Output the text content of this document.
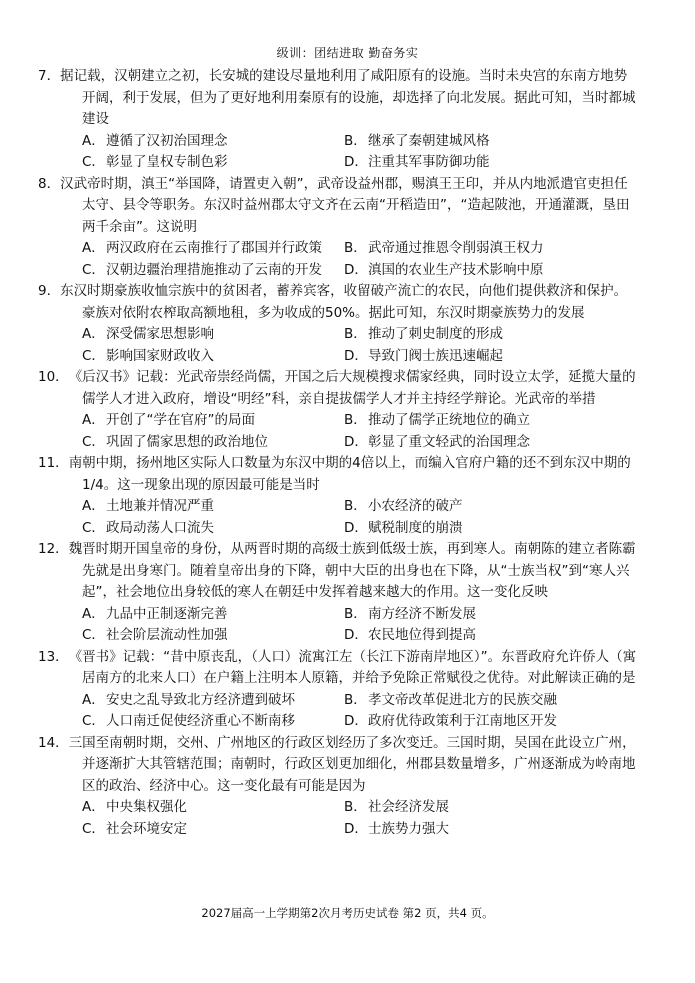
级训：团结进取 勤奋务实

7．据记载，汉朝建立之初，长安城的建设尽量地利用了咸阳原有的设施。当时未央宫的东南方地势开阔，利于发展，但为了更好地利用秦原有的设施，却选择了向北发展。据此可知，当时都城建设

A．遵循了汉初治国理念	B．继承了秦朝建城风格
C．彰显了皇权专制色彩	D．注重其军事防御功能

8．汉武帝时期，滇王“举国降，请置吏入朝”，武帝设益州郡，赐滇王王印，并从内地派遣官吏担任太守、县令等职务。东汉时益州郡太守文齐在云南“开稻造田”，“造起陂池，开通灌溉，垦田两千余亩”。这说明

A．两汉政府在云南推行了郡国并行政策	B．武帝通过推恩令削弱滇王权力
C．汉朝边疆治理措施推动了云南的开发	D．滇国的农业生产技术影响中原

9．东汉时期豪族收恤宗族中的贫困者，蓄养宾客，收留破产流亡的农民，向他们提供救济和保护。豪族对依附农榨取高额地租，多为收成的50%。据此可知，东汉时期豪族势力的发展

A．深受儒家思想影响	B．推动了刺史制度的形成
C．影响国家财政收入	D．导致门阀士族迅速崛起

10．《后汉书》记载：光武帝崇经尚儒，开国之后大规模搜求儒家经典，同时设立太学，延揽大量的儒学人才进入政府，增设“明经”科，亲自提拔儒学人才并主持经学辩论。光武帝的举措

A．开创了“学在官府”的局面	B．推动了儒学正统地位的确立
C．巩固了儒家思想的政治地位	D．彰显了重文轻武的治国理念

11．南朝中期，扬州地区实际人口数量为东汉中期的4倍以上，而编入官府户籍的还不到东汉中期的1/4。这一现象出现的原因最可能是当时

A．土地兼并情况严重	B．小农经济的破产
C．政局动荡人口流失	D．赋税制度的崩溃

12．魏晋时期开国皇帝的身份，从两晋时期的高级士族到低级士族，再到寒人。南朝陈的建立者陈霸先就是出身寒门。随着皇帝出身的下降，朝中大臣的出身也在下降，从“士族当权”到“寒人兴起”，社会地位出身较低的寒人在朝廷中发挥着越来越大的作用。这一变化反映

A．九品中正制逐渐完善	B．南方经济不断发展
C．社会阶层流动性加强	D．农民地位得到提高

13．《晋书》记载：“昔中原丧乱，（人口）流寓江左（长江下游南岸地区）”。东晋政府允许侨人（寓居南方的北来人口）在户籍上注明本人原籍，并给予免除正常赋役之优待。对此解读正确的是

A．安史之乱导致北方经济遭到破坏	B．孝文帝改革促进北方的民族交融
C．人口南迁促使经济重心不断南移	D．政府优待政策利于江南地区开发

14．三国至南朝时期，交州、广州地区的行政区划经历了多次变迁。三国时期，吴国在此设立广州，并逐渐扩大其管辖范围；南朝时，行政区划更加细化，州郡县数量增多，广州逐渐成为岭南地区的政治、经济中心。这一变化最有可能是因为

A．中央集权强化	B．社会经济发展
C．社会环境安定	D．士族势力强大
2027届高一上学期第2次月考历史试卷 第2 页，共4 页。
